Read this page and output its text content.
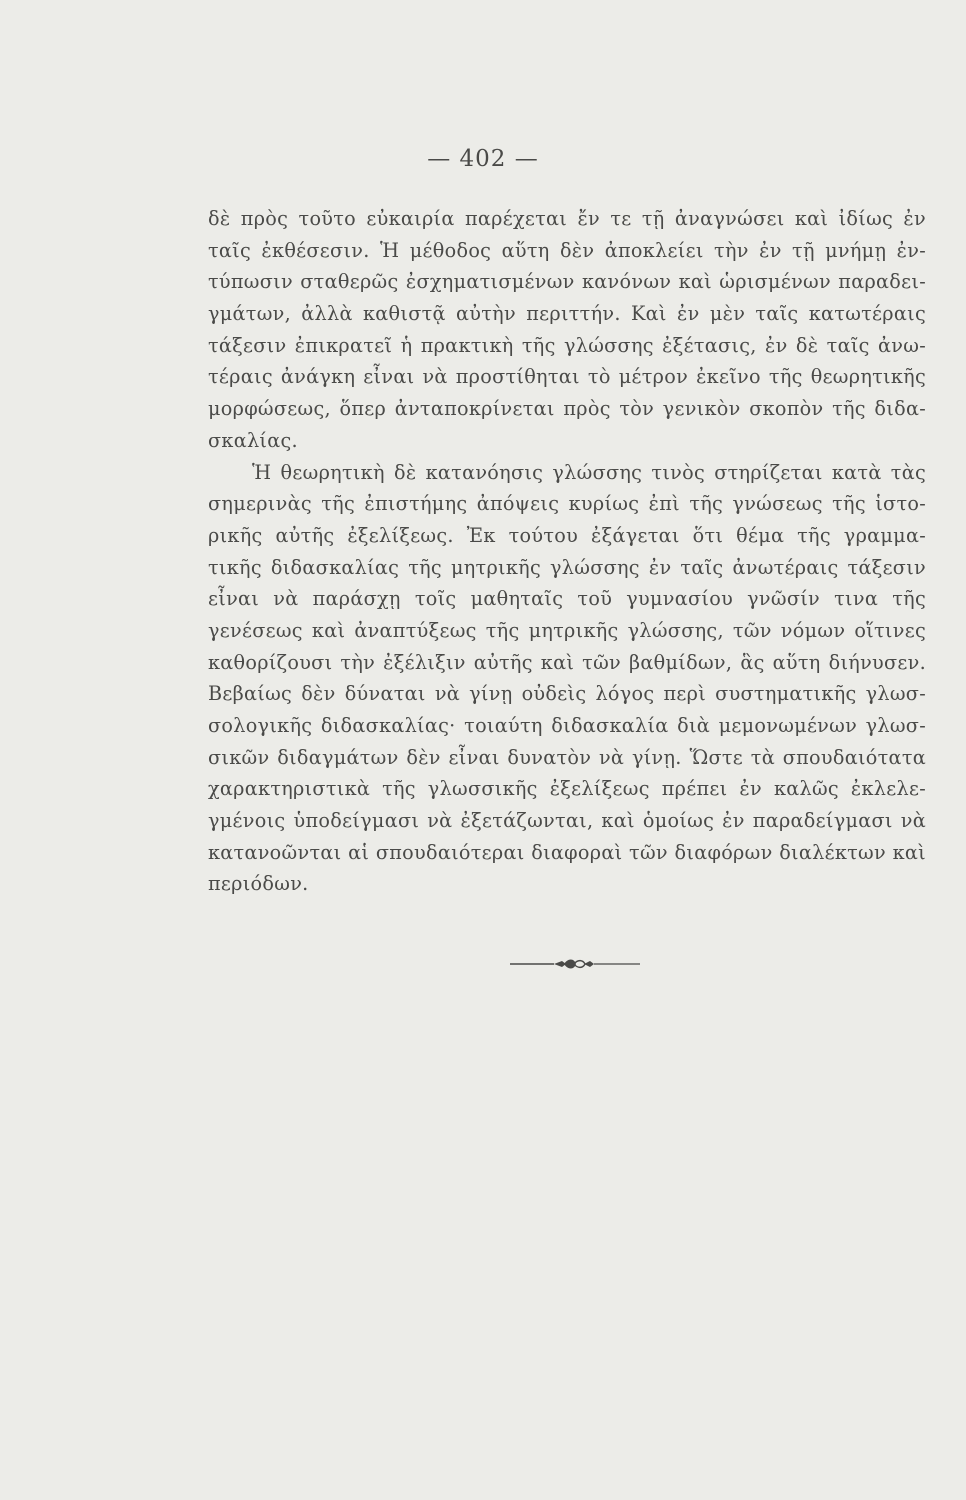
— 402 —
δὲ πρὸς τοῦτο εὐκαιρία παρέχεται ἔν τε τῇ ἀναγνώσει καὶ ἰδίως ἐν
ταῖς ἐκθέσεσιν. Ἡ μέθοδος αὕτη δὲν ἀποκλείει τὴν ἐν τῇ μνήμῃ ἐν-
τύπωσιν σταθερῶς ἐσχηματισμένων κανόνων καὶ ὡρισμένων παραδει-
γμάτων, ἀλλὰ καθιστᾷ αὐτὴν περιττήν. Καὶ ἐν μὲν ταῖς κατωτέραις
τάξεσιν ἐπικρατεῖ ἡ πρακτικὴ τῆς γλώσσης ἐξέτασις, ἐν δὲ ταῖς ἀνω-
τέραις ἀνάγκη εἶναι νὰ προστίθηται τὸ μέτρον ἐκεῖνο τῆς θεωρητικῆς
μορφώσεως, ὅπερ ἀνταποκρίνεται πρὸς τὸν γενικὸν σκοπὸν τῆς διδα-
σκαλίας.
Ἡ θεωρητικὴ δὲ κατανόησις γλώσσης τινὸς στηρίζεται κατὰ τὰς
σημερινὰς τῆς ἐπιστήμης ἀπόψεις κυρίως ἐπὶ τῆς γνώσεως τῆς ἱστο-
ρικῆς αὐτῆς ἐξελίξεως. Ἐκ τούτου ἐξάγεται ὅτι θέμα τῆς γραμμα-
τικῆς διδασκαλίας τῆς μητρικῆς γλώσσης ἐν ταῖς ἀνωτέραις τάξεσιν
εἶναι νὰ παράσχῃ τοῖς μαθηταῖς τοῦ γυμνασίου γνῶσίν τινα τῆς
γενέσεως καὶ ἀναπτύξεως τῆς μητρικῆς γλώσσης, τῶν νόμων οἵτινες
καθορίζουσι τὴν ἐξέλιξιν αὐτῆς καὶ τῶν βαθμίδων, ἃς αὕτη διήνυσεν.
Βεβαίως δὲν δύναται νὰ γίνῃ οὐδεὶς λόγος περὶ συστηματικῆς γλωσ-
σολογικῆς διδασκαλίας· τοιαύτη διδασκαλία διὰ μεμονωμένων γλωσ-
σικῶν διδαγμάτων δὲν εἶναι δυνατὸν νὰ γίνῃ. Ὥστε τὰ σπουδαιότατα
χαρακτηριστικὰ τῆς γλωσσικῆς ἐξελίξεως πρέπει ἐν καλῶς ἐκλελε-
γμένοις ὑποδείγμασι νὰ ἐξετάζωνται, καὶ ὁμοίως ἐν παραδείγμασι νὰ
κατανοῶνται αἱ σπουδαιότεραι διαφοραὶ τῶν διαφόρων διαλέκτων καὶ
περιόδων.
